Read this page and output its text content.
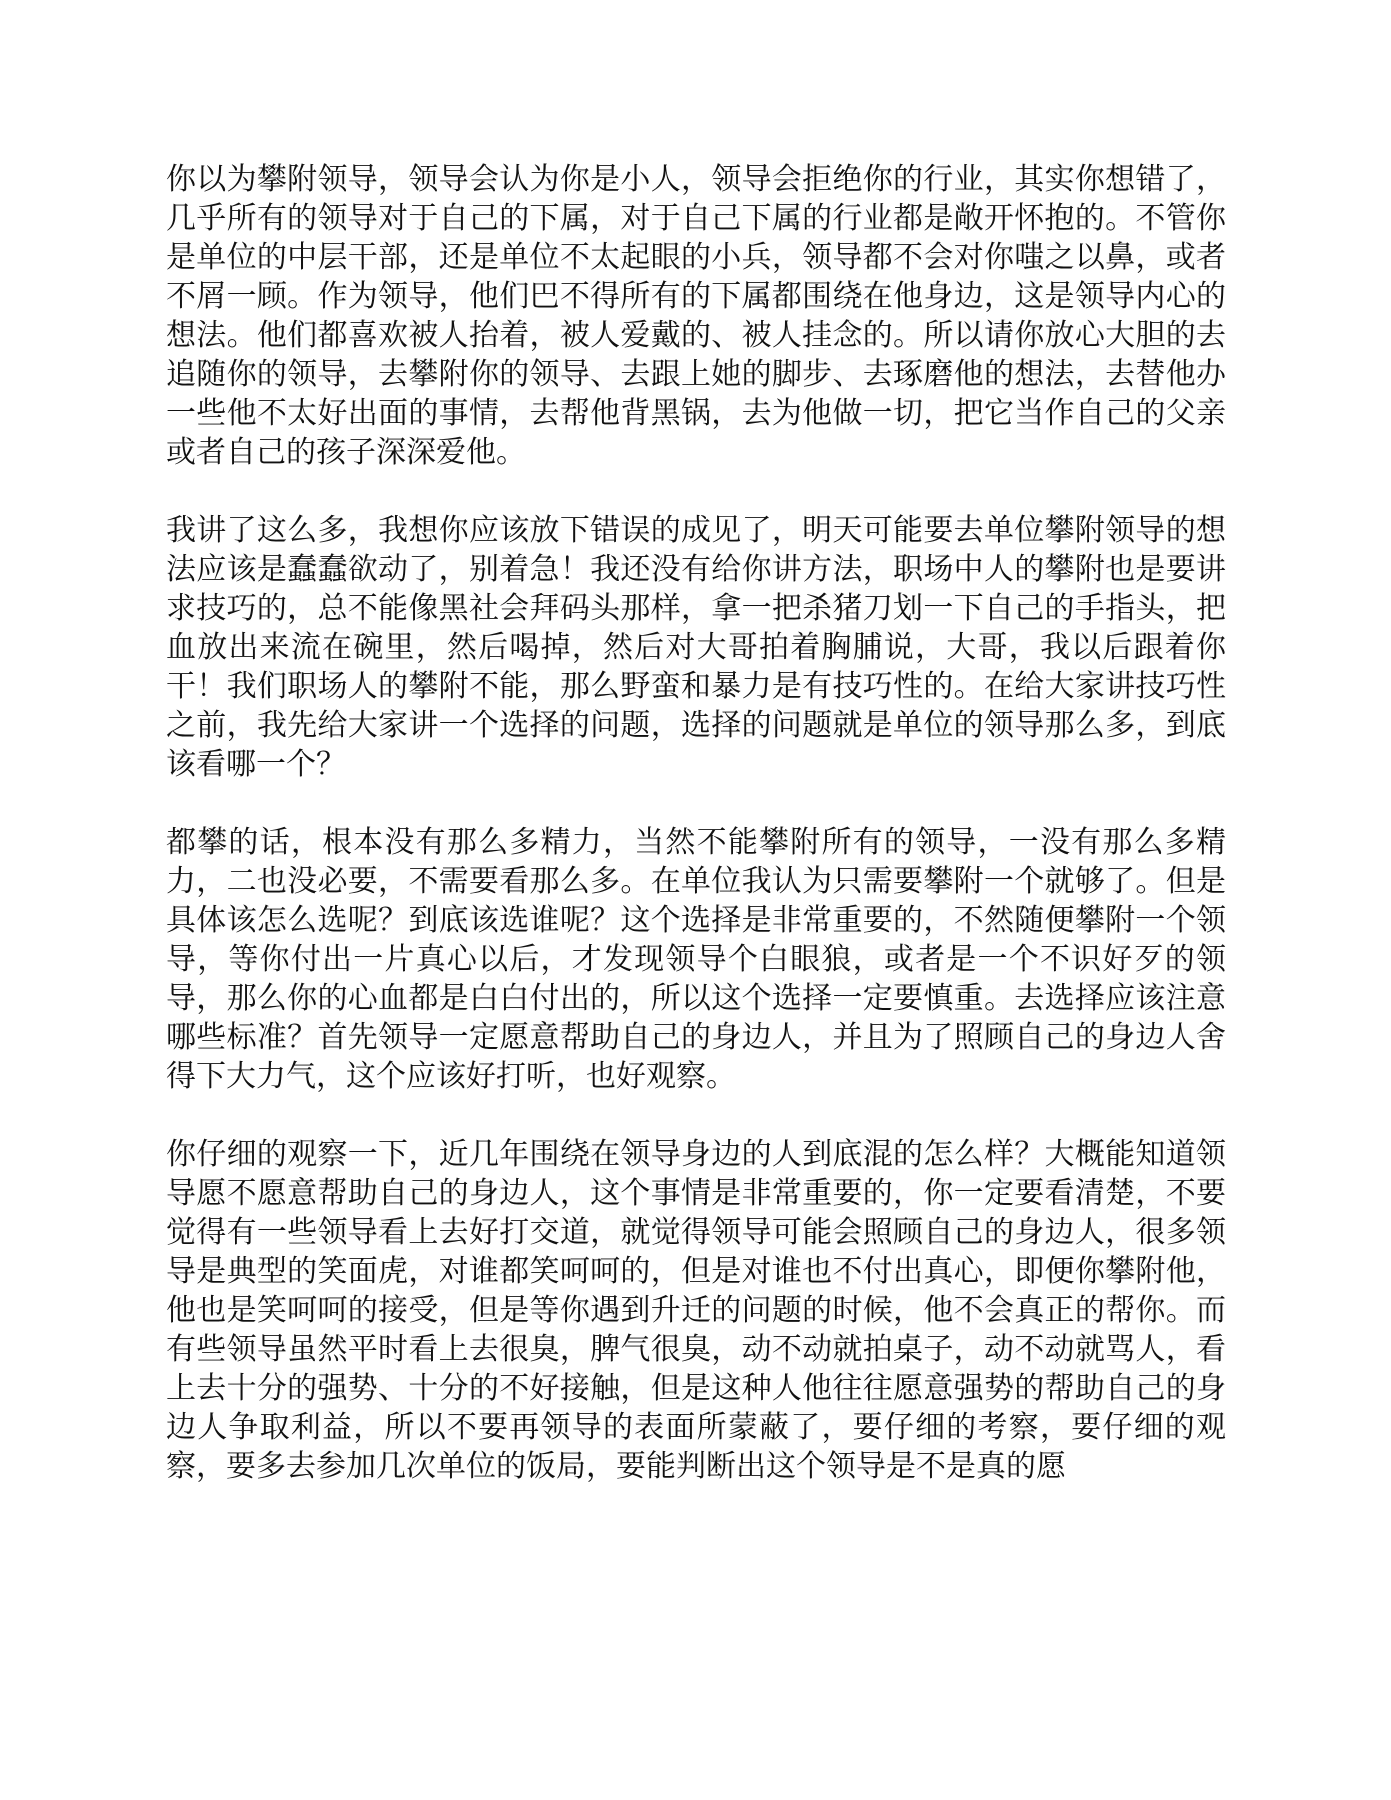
你以为攀附领导，领导会认为你是小人，领导会拒绝你的行业，其实你想错了，几乎所有的领导对于自己的下属，对于自己下属的行业都是敞开怀抱的。不管你是单位的中层干部，还是单位不太起眼的小兵，领导都不会对你嗤之以鼻，或者不屑一顾。作为领导，他们巴不得所有的下属都围绕在他身边，这是领导内心的想法。他们都喜欢被人抬着，被人爱戴的、被人挂念的。所以请你放心大胆的去追随你的领导，去攀附你的领导、去跟上她的脚步、去琢磨他的想法，去替他办一些他不太好出面的事情，去帮他背黑锅，去为他做一切，把它当作自己的父亲或者自己的孩子深深爱他。

我讲了这么多，我想你应该放下错误的成见了，明天可能要去单位攀附领导的想法应该是蠢蠢欲动了，别着急！我还没有给你讲方法，职场中人的攀附也是要讲求技巧的，总不能像黑社会拜码头那样，拿一把杀猪刀划一下自己的手指头，把血放出来流在碗里，然后喝掉，然后对大哥拍着胸脯说，大哥，我以后跟着你干！我们职场人的攀附不能，那么野蛮和暴力是有技巧性的。在给大家讲技巧性之前，我先给大家讲一个选择的问题，选择的问题就是单位的领导那么多，到底该看哪一个？

都攀的话，根本没有那么多精力，当然不能攀附所有的领导，一没有那么多精力，二也没必要，不需要看那么多。在单位我认为只需要攀附一个就够了。但是具体该怎么选呢？到底该选谁呢？这个选择是非常重要的，不然随便攀附一个领导，等你付出一片真心以后，才发现领导个白眼狼，或者是一个不识好歹的领导，那么你的心血都是白白付出的，所以这个选择一定要慎重。去选择应该注意哪些标准？首先领导一定愿意帮助自己的身边人，并且为了照顾自己的身边人舍得下大力气，这个应该好打听，也好观察。

你仔细的观察一下，近几年围绕在领导身边的人到底混的怎么样？大概能知道领导愿不愿意帮助自己的身边人，这个事情是非常重要的，你一定要看清楚，不要觉得有一些领导看上去好打交道，就觉得领导可能会照顾自己的身边人，很多领导是典型的笑面虎，对谁都笑呵呵的，但是对谁也不付出真心，即便你攀附他，他也是笑呵呵的接受，但是等你遇到升迁的问题的时候，他不会真正的帮你。而有些领导虽然平时看上去很臭，脾气很臭，动不动就拍桌子，动不动就骂人，看上去十分的强势、十分的不好接触，但是这种人他往往愿意强势的帮助自己的身边人争取利益，所以不要再领导的表面所蒙蔽了，要仔细的考察，要仔细的观察，要多去参加几次单位的饭局，要能判断出这个领导是不是真的愿
